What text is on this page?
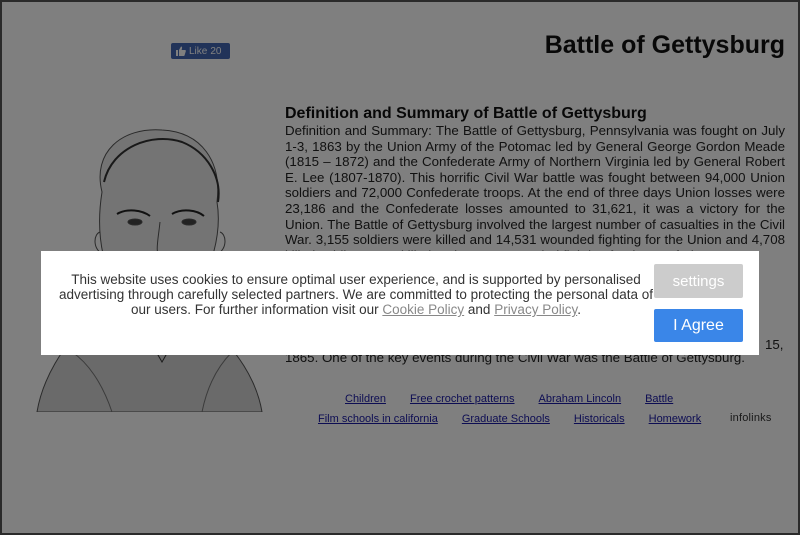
This website uses cookies to ensure optimal user experience, and is supported by personalised advertising through carefully selected partners. We are committed to protecting the personal data of our users. For further information visit our Cookie Policy and Privacy Policy.
settings
I Agree
